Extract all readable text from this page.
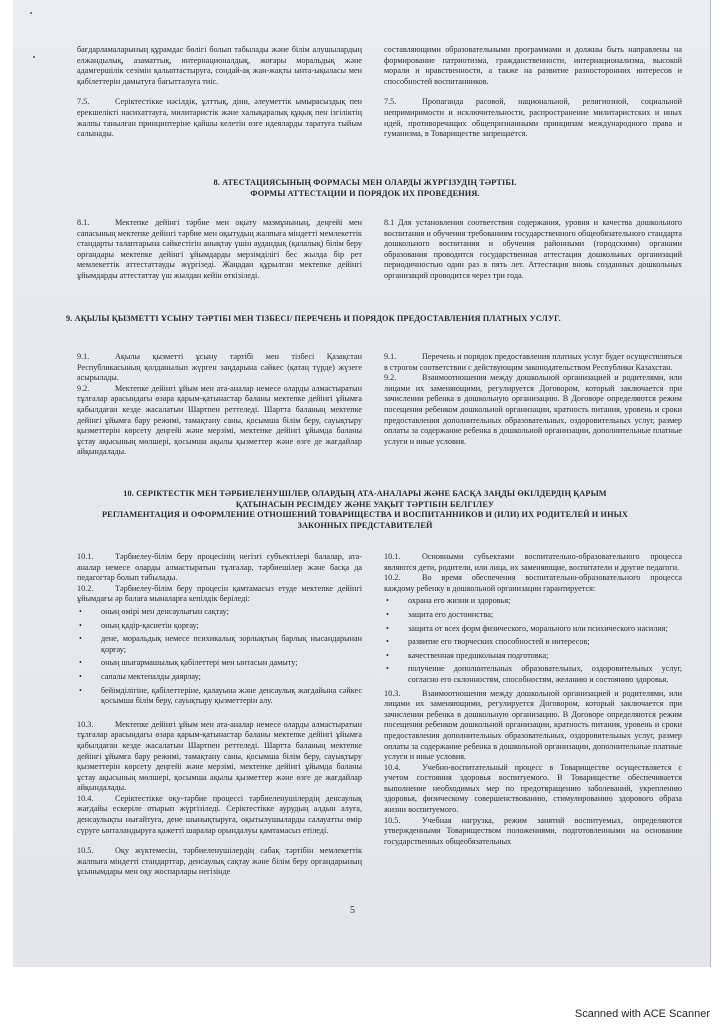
бағдарламаларының құрамдас бөлігі болып табылады және білім алушылардың елжандылық, азаматтық, интернационалдық, жоғары моральдық және адамгершілік сезімін қалыптастыруға, сондай-ақ жан-жақты ынта-ықыласы мен қабілеттерін дамытуға бағытталуға тиіс.

7.5.	Серіктестікке нәсілдік, ұлттық, діни, әлеуметтік ымырасыздық пен ерекшелікті насихаттауға, милитаристік және халықаралық құқық пен ізгіліктің жалпы танылған принциптеріне қайшы келетін өзге идеяларды таратуға тыйым салынады.

составляющими образовательными программами и должны быть направлены на формирование патриотизма, гражданственности, интернационализма, высокой морали и нравственности, а также на развитие разносторонних интересов и способностей воспитанников.

7.5.	Пропаганда расовой, национальной, религиозной, социальной непримиримости и исключительности, распространение милитаристских и иных идей, противоречащих общепризнанными принципам международного права и гуманизма, в Товариществе запрещается.

8. АТЕСТАЦИЯСЫНЫҢ ФОРМАСЫ МЕН ОЛАРДЫ ЖҮРГІЗУДІҢ ТӘРТІБІ.
ФОРМЫ АТТЕСТАЦИИ И ПОРЯДОК ИХ ПРОВЕДЕНИЯ.

8.1.	Мектепке дейінгі тәрбие мен оқыту мазмұнының, деңгейі мен сапасының мектепке дейінгі тәрбие мен оқытудың жалпыға міндетті мемлекеттік стандарты талаптарына сәйкестігін анықтау үшін аудандық (қалалық) білім беру органдары мектепке дейінгі ұйымдарды мерзімділігі бес жылда бір рет мемлекеттік аттестаттауды жүргізеді. Жаңадан құрылған мектепке дейінгі ұйымдарды аттестаттау үш жылдан кейін өткізіледі.

8.1 Для установления соответствия содержания, уровня и качества дошкольного воспитания и обучения требованиям государственного общеобязательного стандарта дошкольного воспитания и обучения районными (городскими) органами образования проводится государственная аттестация дошкольных организаций периодичностью один раз в пять лет. Аттестация вновь созданных дошкольных организаций проводится через три года.

9. АҚЫЛЫ ҚЫЗМЕТТІ ҰСЫНУ ТӘРТІБІ МЕН ТІЗБЕСІ/ ПЕРЕЧЕНЬ И ПОРЯДОК ПРЕДОСТАВЛЕНИЯ ПЛАТНЫХ УСЛУГ.

9.1.	Ақылы қызметті ұсыну тәртібі мен тізбесі Қазақстан Республикасының қолданылып жүрген заңдарына сәйкес (қатаң түрде) жүзеге асырылады.

9.2.	Мектепке дейінгі ұйым мен ата-аналар немесе оларды алмастыратын тұлғалар арасындағы өзара қарым-қатынастар баланы мектепке дейінгі ұйымға қабылдаған кезде жасалатын Шартпен реттеледі. Шартта баланың мектепке дейінгі ұйымға бару режимі, тамақтану саны, қосымша білім беру, сауықтыру қызметтерін көрсету деңгейі және мерзімі, мектепке дейінгі ұйымда баланы ұстау ақысының мөлшері, қосымша ақылы қызметтер және өзге де жағдайлар айқындалады.

9.1.	Перечень и порядок предоставления платных услуг будет осуществляться в строгом соответствии с действующим законодательством Республики Казахстан.

9.2.	Взаимоотношения между дошкольной организацией и родителями, или лицами их заменяющими, регулируется Договором, который заключается при зачислении ребенка в дошкольную организацию. В Договоре определяются режим посещения ребенком дошкольной организации, кратность питания, уровень и сроки предоставления дополнительных образовательных, оздоровительных услуг, размер оплаты за содержание ребенка в дошкольной организации, дополнительные платные услуги и иные условия.

10. СЕРІКТЕСТІК МЕН ТӘРБИЕЛЕНУШІЛЕР, ОЛАРДЫҢ АТА-АНАЛАРЫ ЖӘНЕ БАСҚА ЗАҢДЫ ӨКІЛДЕРДІҢ ҚАРЫМ
ҚАТЫНАСЫН РЕСІМДЕУ ЖӘНЕ УАҚЫТ ТӘРТІБІН БЕЛГІЛЕУ
РЕГЛАМЕНТАЦИЯ И ОФОРМЛЕНИЕ ОТНОШЕНИЙ ТОВАРИЩЕСТВА И ВОСПИТАННИКОВ И (ИЛИ) ИХ РОДИТЕЛЕЙ И ИНЫХ
ЗАКОННЫХ ПРЕДСТАВИТЕЛЕЙ

10.1.	Тәрбиелеу-білім беру процесінің негізгі субъектілері балалар, ата-аналар немесе оларды алмастыратын тұлғалар, тәрбиешілер және басқа да педагогтар болып табылады.

10.2.	Тәрбиелеу-білім беру процесін қамтамасыз етуде мектепке дейінгі ұйымдағы әр балаға мыналарға кепілдік беріледі:

• оның өмірі мен денсаулығын сақтау;
• оның қадір-қасиетін қорғау;
• дене, моральдық немесе психикалық зорлықтың барлық нысандарынан қорғау;
• оның шығармашылық қабілеттері мен ынтасын дамыту;
• сапалы мектепалды даярлау;
• бейімділігіне, қабілеттеріне, қалауына және денсаулық жағдайына сәйкес қосымша білім беру, сауықтыру қызметтерін алу.

10.3.	Мектепке дейінгі ұйым мен ата-аналар немесе оларды алмастыратын тұлғалар арасындағы өзара қарым-қатынастар баланы мектепке дейінгі ұйымға қабылдаған кезде жасалатын Шартпен реттеледі. Шартта баланың мектепке дейінгі ұйымға бару режимі, тамақтану саны, қосымша білім беру, сауықтыру қызметтерін көрсету деңгейі және мерзімі, мектепке дейінгі ұйымда баланы ұстау ақысының мөлшері, қосымша ақылы қызметтер және өзге де жағдайлар айқындалады.

10.4.	Серіктестікке оқу-тәрбие процессі тәрбиеленушілердің денсаулық жағдайы ескеріле отырып жүргізіледі. Серіктестікке аурудың алдын алуға, денсаулықты нығайтуға, дене шынықтыруға, оқытылушыларды салауатты өмір сүруге ынталандыруға қажетті шаралар орындалуы қамтамасыз етіледі.

10.5.	Оқу жүктемесін, тәрбиеленушілердің сабақ тәртібін мемлекеттік жалпыға міндетті стандарттар, денсаулық сақтау және білім беру органдарының ұсынымдары мен оқу жоспарлары негізінде

10.1.	Основными субъектами воспитательно-образовательного процесса являются дети, родители, или лица, их заменяющие, воспитатели и другие педагоги.

10.2.	Во время обеспечения воспитательно-образовательного процесса каждому ребенку в дошкольной организации гарантируется:

• охрана его жизни и здоровья;
• защита его достоинства;
• защита от всех форм физического, морального или психического насилия;
• развитие его творческих способностей и интересов;
• качественная предшкольная подготовка;
• получение дополнительных образовательных, оздоровительных услуг, согласно его склонностям, способностям, желанию и состоянию здоровья.

10.3.	Взаимоотношения между дошкольной организацией и родителями, или лицами их заменяющими, регулируется Договором, который заключается при зачислении ребенка в дошкольную организацию. В Договоре определяются режим посещения ребенком дошкольной организации, кратность питания, уровень и сроки предоставления дополнительных образовательных, оздоровительных услуг, размер оплаты за содержание ребенка в дошкольной организации, дополнительные платные услуги и иные условия.

10.4.	Учебно-воспитательный процесс в Товариществе осуществляется с учетом состояния здоровья воспитуемого. В Товариществе обеспечивается выполнение необходимых мер по предотвращению заболеваний, укреплению здоровья, физическому совершенствованию, стимулированию здорового образа жизни воспитуемого.

10.5.	Учебная нагрузка, режим занятий воспитуемых, определяются утвержденными Товариществом положениями, подготовленными на основании государственных общеобязательных

5
Scanned with ACE Scanner
